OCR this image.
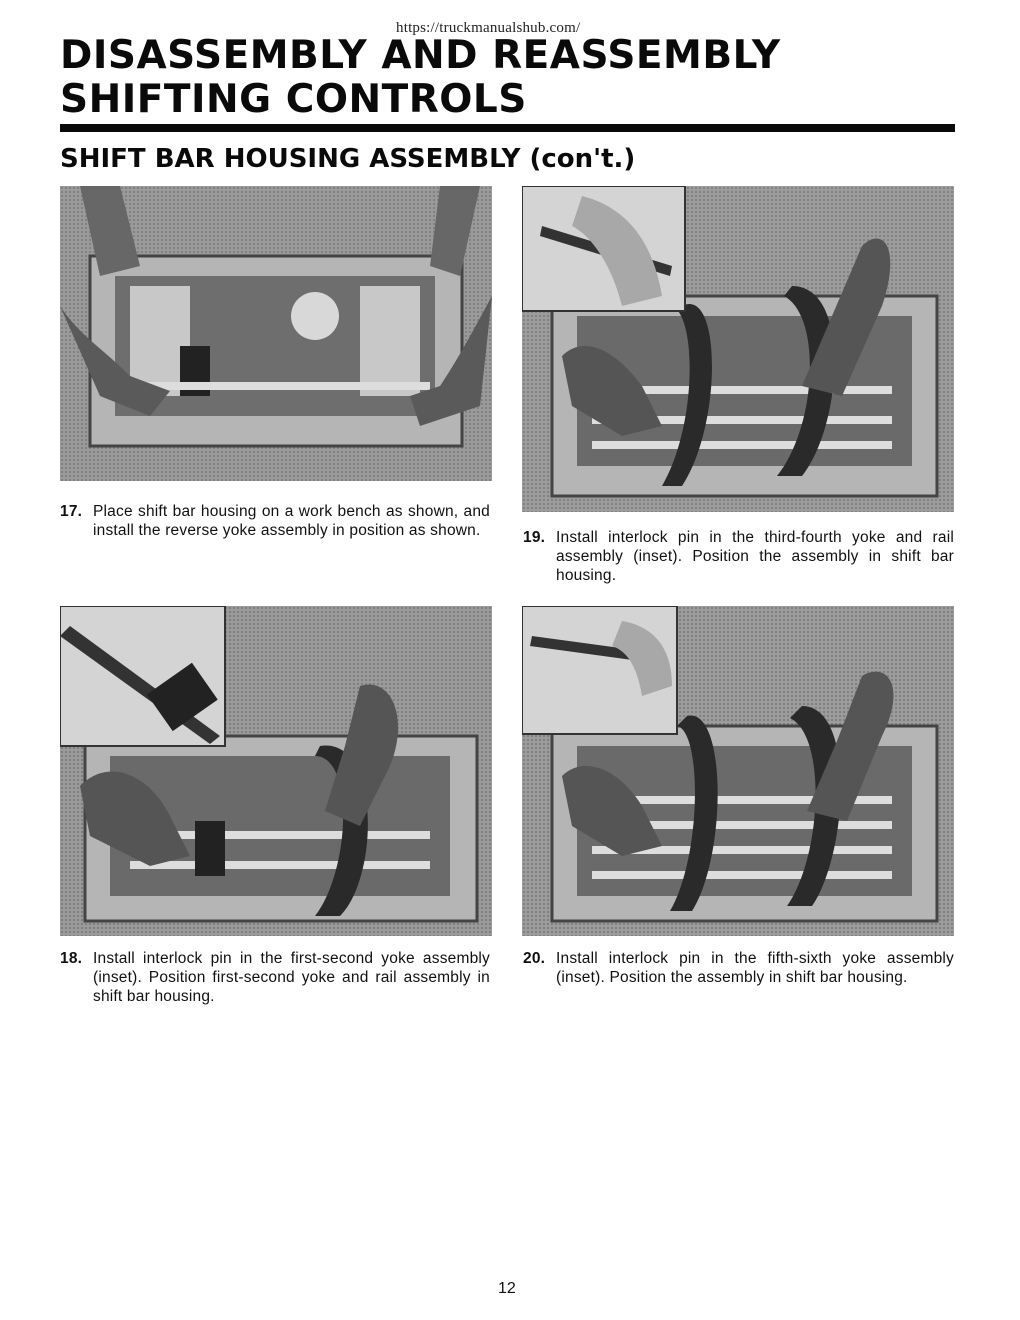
https://truckmanualshub.com/
DISASSEMBLY AND REASSEMBLY
SHIFTING CONTROLS
SHIFT BAR HOUSING ASSEMBLY (con't.)
17. Place shift bar housing on a work bench as shown, and install the reverse yoke assembly in position as shown.	19. Install interlock pin in the third-fourth yoke and rail assembly (inset). Position the assembly in shift bar housing.
18. Install interlock pin in the first-second yoke assembly (inset). Position first-second yoke and rail assembly in shift bar housing.
20. Install interlock pin in the fifth-sixth yoke assembly (inset). Position the assembly in shift bar housing.
12
